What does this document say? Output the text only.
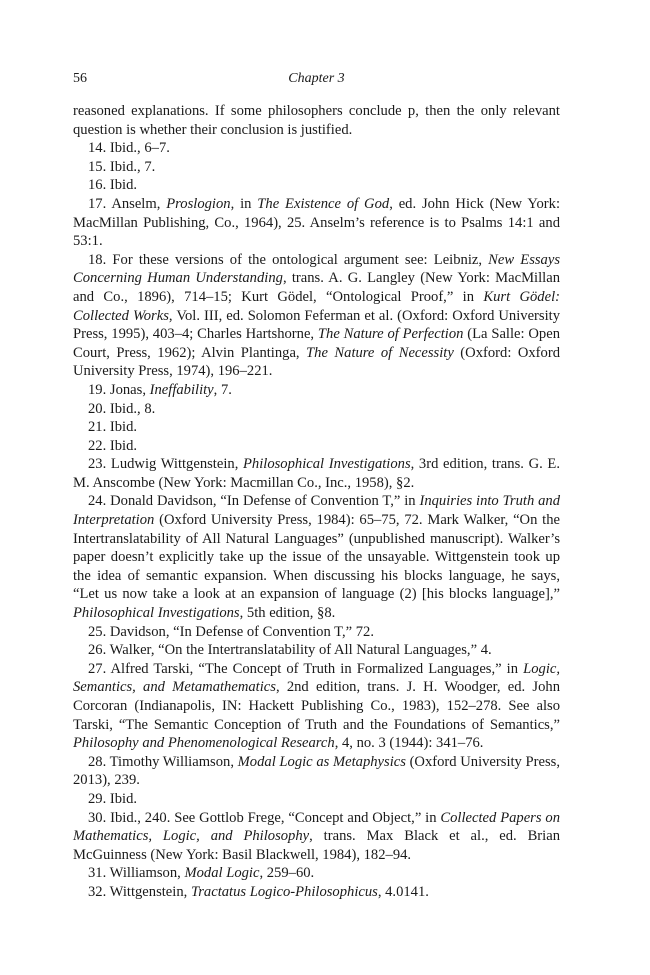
56	Chapter 3

reasoned explanations. If some philosophers conclude p, then the only relevant question is whether their conclusion is justified.

14. Ibid., 6–7.

15. Ibid., 7.

16. Ibid.

17. Anselm, Proslogion, in The Existence of God, ed. John Hick (New York: MacMillan Publishing, Co., 1964), 25. Anselm’s reference is to Psalms 14:1 and 53:1.

18. For these versions of the ontological argument see: Leibniz, New Essays Concerning Human Understanding, trans. A. G. Langley (New York: MacMillan and Co., 1896), 714–15; Kurt Gödel, “Ontological Proof,” in Kurt Gödel: Collected Works, Vol. III, ed. Solomon Feferman et al. (Oxford: Oxford University Press, 1995), 403–4; Charles Hartshorne, The Nature of Perfection (La Salle: Open Court, Press, 1962); Alvin Plantinga, The Nature of Necessity (Oxford: Oxford University Press, 1974), 196–221.

19. Jonas, Ineffability, 7.

20. Ibid., 8.

21. Ibid.

22. Ibid.

23. Ludwig Wittgenstein, Philosophical Investigations, 3rd edition, trans. G. E. M. Anscombe (New York: Macmillan Co., Inc., 1958), §2.

24. Donald Davidson, “In Defense of Convention T,” in Inquiries into Truth and Interpretation (Oxford University Press, 1984): 65–75, 72. Mark Walker, “On the Intertranslatability of All Natural Languages” (unpublished manuscript). Walker’s paper doesn’t explicitly take up the issue of the unsayable. Wittgenstein took up the idea of semantic expansion. When discussing his blocks language, he says, “Let us now take a look at an expansion of language (2) [his blocks language],” Philosophical Investigations, 5th edition, §8.

25. Davidson, “In Defense of Convention T,” 72.

26. Walker, “On the Intertranslatability of All Natural Languages,” 4.

27. Alfred Tarski, “The Concept of Truth in Formalized Languages,” in Logic, Semantics, and Metamathematics, 2nd edition, trans. J. H. Woodger, ed. John Corcoran (Indianapolis, IN: Hackett Publishing Co., 1983), 152–278. See also Tarski, “The Semantic Conception of Truth and the Foundations of Semantics,” Philosophy and Phenomenological Research, 4, no. 3 (1944): 341–76.

28. Timothy Williamson, Modal Logic as Metaphysics (Oxford University Press, 2013), 239.

29. Ibid.

30. Ibid., 240. See Gottlob Frege, “Concept and Object,” in Collected Papers on Mathematics, Logic, and Philosophy, trans. Max Black et al., ed. Brian McGuinness (New York: Basil Blackwell, 1984), 182–94.

31. Williamson, Modal Logic, 259–60.

32. Wittgenstein, Tractatus Logico-Philosophicus, 4.0141.
